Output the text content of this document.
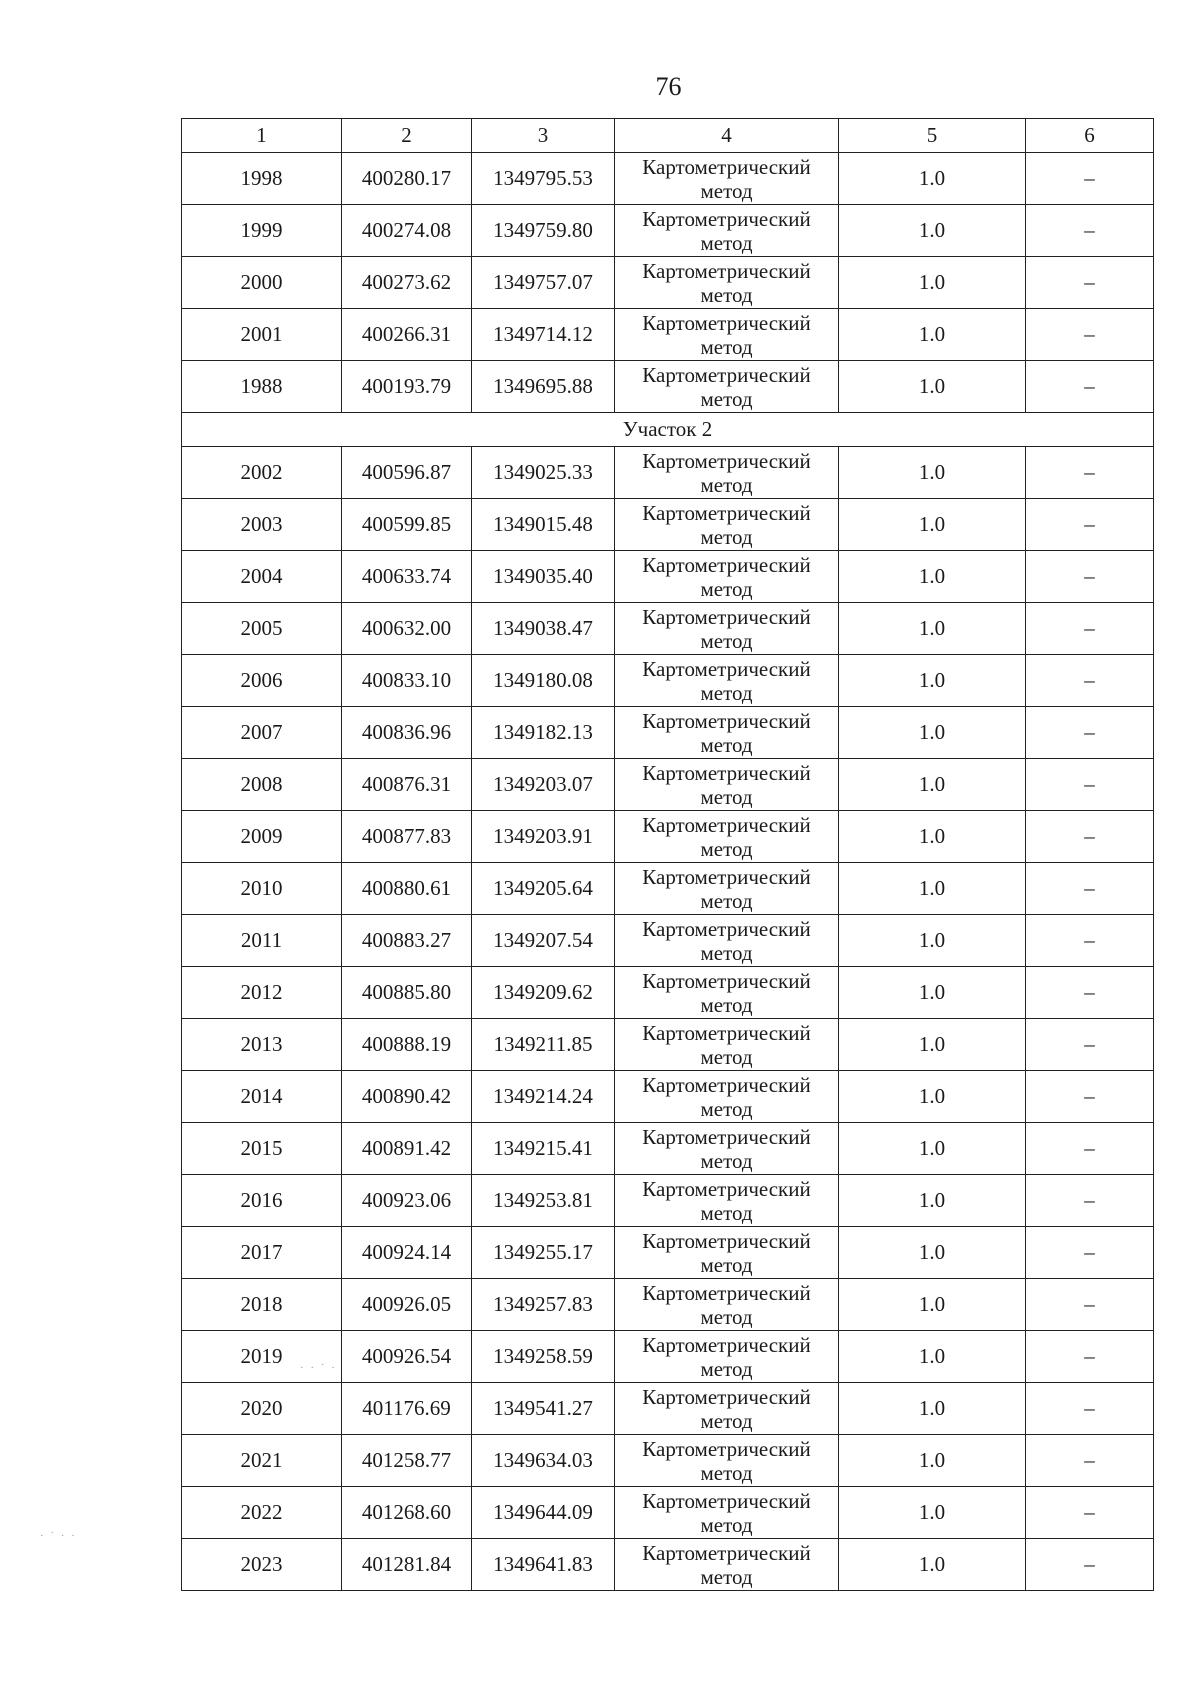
76
1	2	3	4	5	6
1998	400280.17	1349795.53	Картометрический метод	1.0	–
1999	400274.08	1349759.80	Картометрический метод	1.0	–
2000	400273.62	1349757.07	Картометрический метод	1.0	–
2001	400266.31	1349714.12	Картометрический метод	1.0	–
1988	400193.79	1349695.88	Картометрический метод	1.0	–
Участок 2					
2002	400596.87	1349025.33	Картометрический метод	1.0	–
2003	400599.85	1349015.48	Картометрический метод	1.0	–
2004	400633.74	1349035.40	Картометрический метод	1.0	–
2005	400632.00	1349038.47	Картометрический метод	1.0	–
2006	400833.10	1349180.08	Картометрический метод	1.0	–
2007	400836.96	1349182.13	Картометрический метод	1.0	–
2008	400876.31	1349203.07	Картометрический метод	1.0	–
2009	400877.83	1349203.91	Картометрический метод	1.0	–
2010	400880.61	1349205.64	Картометрический метод	1.0	–
2011	400883.27	1349207.54	Картометрический метод	1.0	–
2012	400885.80	1349209.62	Картометрический метод	1.0	–
2013	400888.19	1349211.85	Картометрический метод	1.0	–
2014	400890.42	1349214.24	Картометрический метод	1.0	–
2015	400891.42	1349215.41	Картометрический метод	1.0	–
2016	400923.06	1349253.81	Картометрический метод	1.0	–
2017	400924.14	1349255.17	Картометрический метод	1.0	–
2018	400926.05	1349257.83	Картометрический метод	1.0	–
2019	400926.54	1349258.59	Картометрический метод	1.0	–
2020	401176.69	1349541.27	Картометрический метод	1.0	–
2021	401258.77	1349634.03	Картометрический метод	1.0	–
2022	401268.60	1349644.09	Картометрический метод	1.0	–
2023	401281.84	1349641.83	Картометрический метод	1.0	–
· · ˙ ·
· ˙ · ·
